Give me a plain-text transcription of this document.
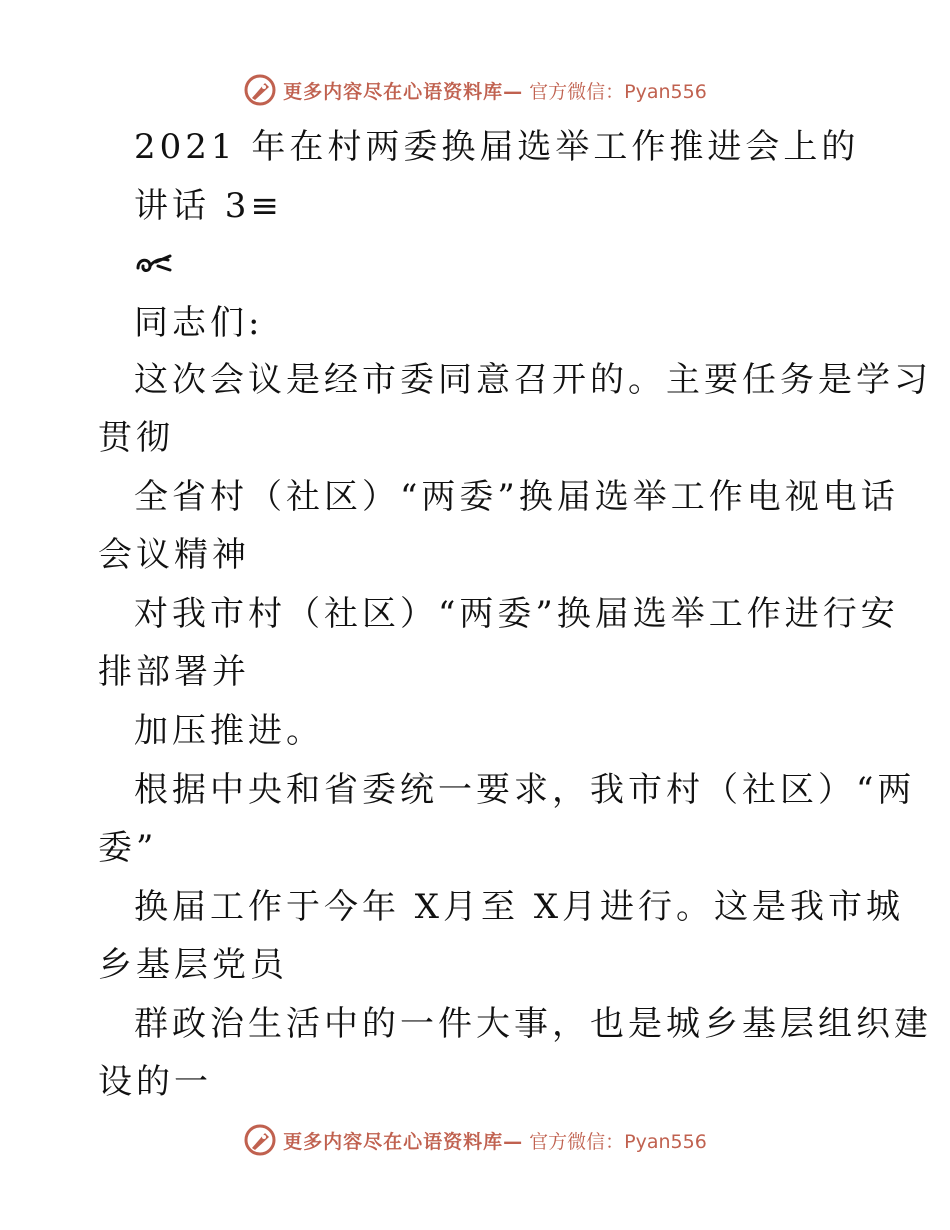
更多内容尽在心语资料库— 官方微信：Pyan556
2021 年在村两委换届选举工作推进会上的
讲话 3≡
同志们:
这次会议是经市委同意召开的。主要任务是学习
贯彻
全省村（社区）“两委”换届选举工作电视电话
会议精神
对我市村（社区）“两委”换届选举工作进行安
排部署并
加压推进。
根据中央和省委统一要求，我市村（社区）“两
委”
换届工作于今年 X月至 X月进行。这是我市城
乡基层党员
群政治生活中的一件大事，也是城乡基层组织建
设的一
更多内容尽在心语资料库— 官方微信：Pyan556
